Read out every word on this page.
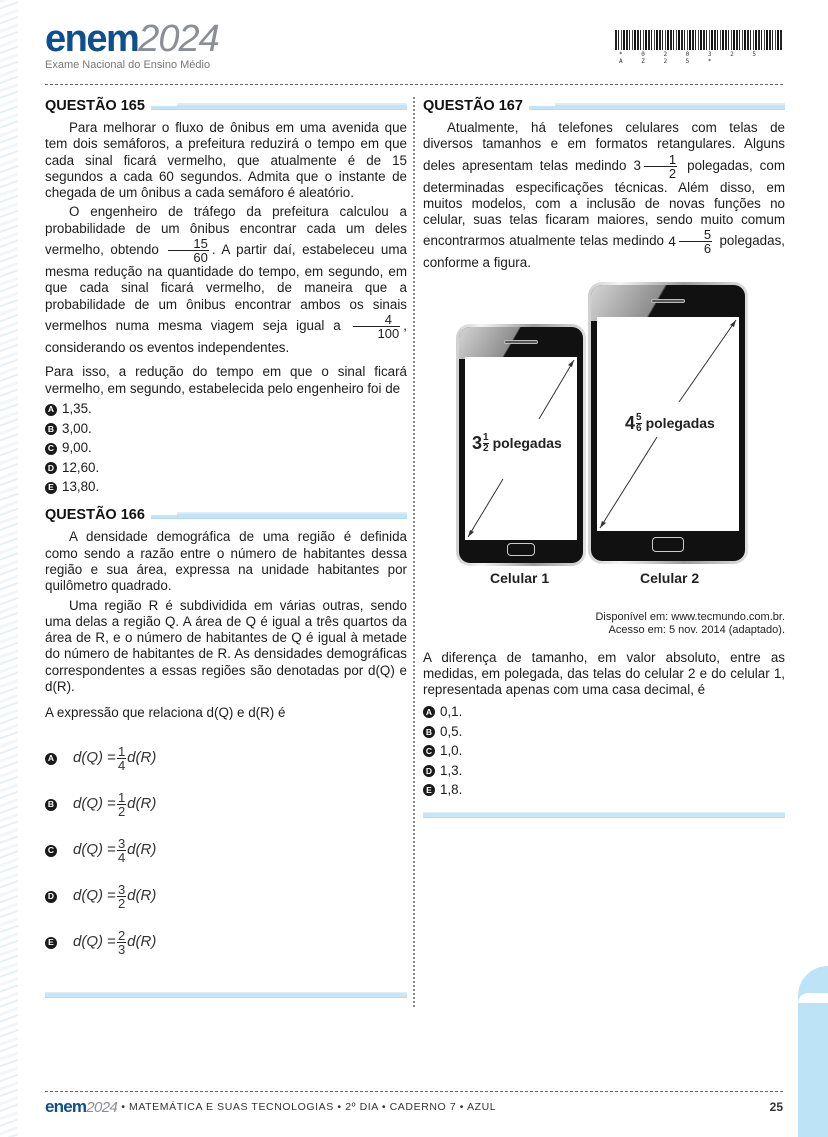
enem2024
Exame Nacional do Ensino Médio
* 0 2 0 3 2 5 A Z 2 5 *
QUESTÃO 165

Para melhorar o fluxo de ônibus em uma avenida que tem dois semáforos, a prefeitura reduzirá o tempo em que cada sinal ficará vermelho, que atualmente é de 15 segundos a cada 60 segundos. Admita que o instante de chegada de um ônibus a cada semáforo é aleatório.

O engenheiro de tráfego da prefeitura calculou a probabilidade de um ônibus encontrar cada um deles vermelho, obtendo $\frac{15}{60}$ . A partir daí, estabeleceu uma mesma redução na quantidade do tempo, em segundo, em que cada sinal ficará vermelho, de maneira que a probabilidade de um ônibus encontrar ambos os sinais vermelhos numa mesma viagem seja igual a $\frac{4}{100}$ , considerando os eventos independentes.

Para isso, a redução do tempo em que o sinal ficará vermelho, em segundo, estabelecida pelo engenheiro foi de

A 1,35.
B 3,00.
C 9,00.
D 12,60.
E 13,80.
QUESTÃO 166

A densidade demográfica de uma região é definida como sendo a razão entre o número de habitantes dessa região e sua área, expressa na unidade habitantes por quilômetro quadrado.

Uma região R é subdividida em várias outras, sendo uma delas a região Q. A área de Q é igual a três quartos da área de R, e o número de habitantes de Q é igual à metade do número de habitantes de R. As densidades demográficas correspondentes a essas regiões são denotadas por d(Q) e d(R).

A expressão que relaciona d(Q) e d(R) é

A d(Q)
= $\frac{1}{4} d(R)$
B d(Q)
= $\frac{1}{2} d(R)$
C d(Q)
= $\frac{3}{4} d(R)$
D d(Q)
= $\frac{3}{2} d(R)$
E d(Q)
= $\frac{2}{3} d(R)$
QUESTÃO 167

Atualmente, há telefones celulares com telas de diversos tamanhos e em formatos retangulares. Alguns deles apresentam telas medindo $3 \frac{1}{2}$ polegadas, com determinadas especificações técnicas. Além disso, em muitos modelos, com a inclusão de novas funções no celular, suas telas ficaram maiores, sendo muito comum encontrarmos atualmente telas medindo $4 \frac{5}{6}$ polegadas, conforme a figura.

3 1
2 polegadas
Celular 1
4 5
6 polegadas
Celular 2
Disponível em: www.tecmundo.com.br.
Acesso em: 5 nov. 2014 (adaptado).

A diferença de tamanho, em valor absoluto, entre as medidas, em polegada, das telas do celular 2 e do celular 1, representada apenas com uma casa decimal, é

A 0,1.
B 0,5.
C 1,0.
D 1,3.
E 1,8.
enem 2024 • MATEMÁTICA E SUAS TECNOLOGIAS • 2º DIA • CADERNO 7 • AZUL	25
